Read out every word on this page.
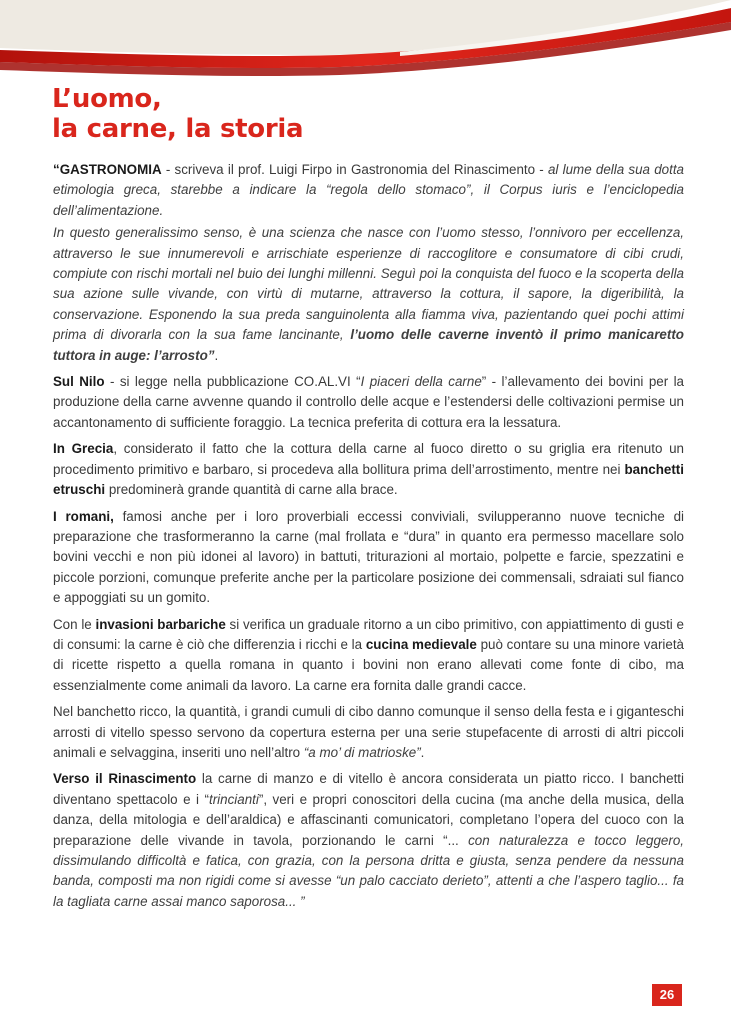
L’uomo,
la carne, la storia

“GASTRONOMIA - scriveva il prof. Luigi Firpo in Gastronomia del Rinascimento - al lume della sua dotta etimologia greca, starebbe a indicare la “regola dello stomaco”, il Corpus iuris e l’enciclopedia dell’alimentazione.

In questo generalissimo senso, è una scienza che nasce con l’uomo stesso, l’onnivoro per eccellenza, attraverso le sue innumerevoli e arrischiate esperienze di raccoglitore e consumatore di cibi crudi, compiute con rischi mortali nel buio dei lunghi millenni. Seguì poi la conquista del fuoco e la scoperta della sua azione sulle vivande, con virtù di mutarne, attraverso la cottura, il sapore, la digeribilità, la conservazione. Esponendo la sua preda sanguinolenta alla fiamma viva, pazientando quei pochi attimi prima di divorarla con la sua fame lancinante, l’uomo delle caverne inventò il primo manicaretto tuttora in auge: l’arrosto”.

Sul Nilo - si legge nella pubblicazione CO.AL.VI “I piaceri della carne” - l’allevamento dei bovini per la produzione della carne avvenne quando il controllo delle acque e l’estendersi delle coltivazioni permise un accantonamento di sufficiente foraggio. La tecnica preferita di cottura era la lessatura.

In Grecia, considerato il fatto che la cottura della carne al fuoco diretto o su griglia era ritenuto un procedimento primitivo e barbaro, si procedeva alla bollitura prima dell’arrostimento, mentre nei banchetti etruschi predominerà grande quantità di carne alla brace.

I romani, famosi anche per i loro proverbiali eccessi conviviali, svilupperanno nuove tecniche di preparazione che trasformeranno la carne (mal frollata e “dura” in quanto era permesso macellare solo bovini vecchi e non più idonei al lavoro) in battuti, triturazioni al mortaio, polpette e farcie, spezzatini e piccole porzioni, comunque preferite anche per la particolare posizione dei commensali, sdraiati sul fianco e appoggiati su un gomito.

Con le invasioni barbariche si verifica un graduale ritorno a un cibo primitivo, con appiattimento di gusti e di consumi: la carne è ciò che differenzia i ricchi e la cucina medievale può contare su una minore varietà di ricette rispetto a quella romana in quanto i bovini non erano allevati come fonte di cibo, ma essenzialmente come animali da lavoro. La carne era fornita dalle grandi cacce.

Nel banchetto ricco, la quantità, i grandi cumuli di cibo danno comunque il senso della festa e i giganteschi arrosti di vitello spesso servono da copertura esterna per una serie stupefacente di arrosti di altri piccoli animali e selvaggina, inseriti uno nell’altro “a mo’ di matrioske”.

Verso il Rinascimento la carne di manzo e di vitello è ancora considerata un piatto ricco. I banchetti diventano spettacolo e i “trincianti”, veri e propri conoscitori della cucina (ma anche della musica, della danza, della mitologia e dell’araldica) e affascinanti comunicatori, completano l’opera del cuoco con la preparazione delle vivande in tavola, porzionando le carni “... con naturalezza e tocco leggero, dissimulando difficoltà e fatica, con grazia, con la persona dritta e giusta, senza pendere da nessuna banda, composti ma non rigidi come si avesse “un palo cacciato derieto”, attenti a che l’aspero taglio... fa la tagliata carne assai manco saporosa... ”

26
